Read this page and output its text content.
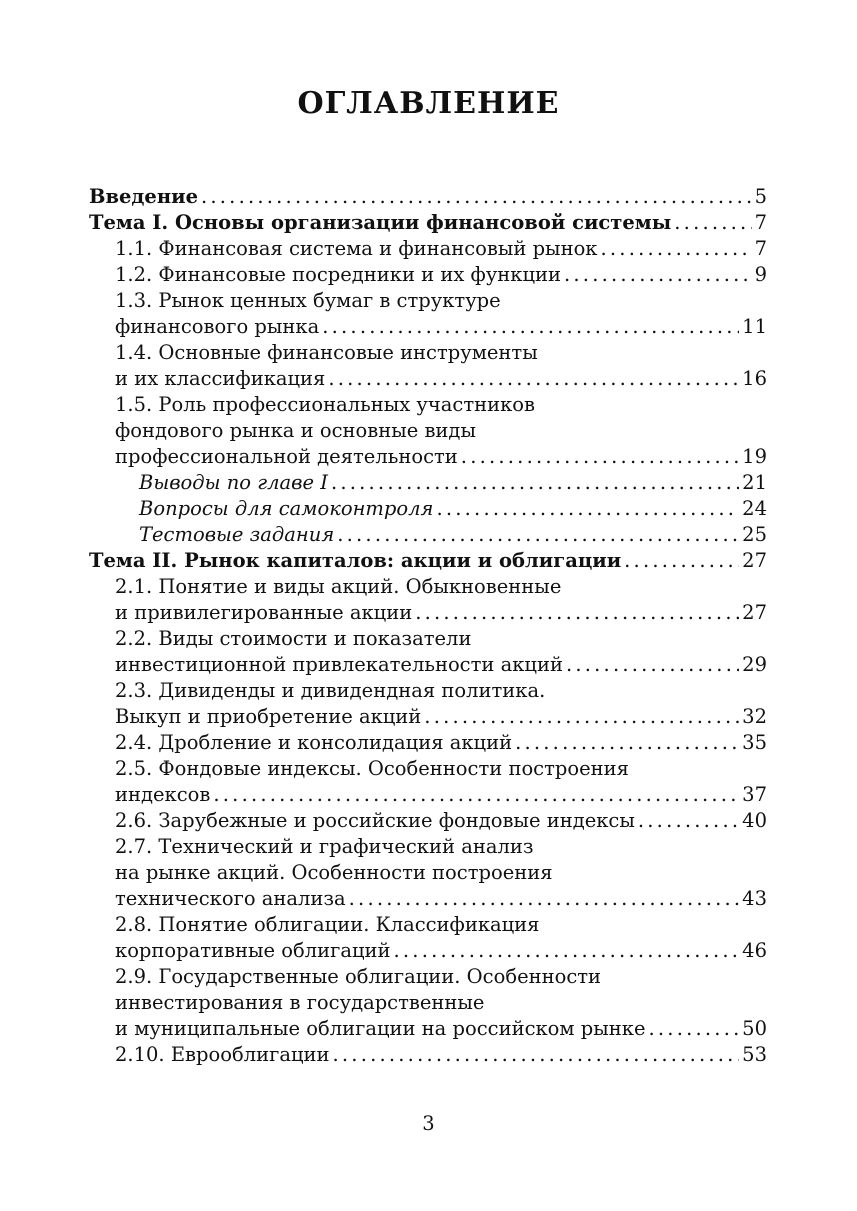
ОГЛАВЛЕНИЕ
Введение . . .	5
Тема I. Основы организации финансовой системы . . .	7
1.1. Финансовая система и финансовый рынок . . .	7
1.2. Финансовые посредники и их функции . . .	9
1.3. Рынок ценных бумаг в структуре
финансового рынка . . .	11
1.4. Основные финансовые инструменты
и их классификация . . .	16
1.5. Роль профессиональных участников
фондового рынка и основные виды
профессиональной деятельности . . .	19
Выводы по главе I . . .	21
Вопросы для самоконтроля . . .	24
Тестовые задания . . .	25
Тема II. Рынок капиталов: акции и облигации . . .	27
2.1. Понятие и виды акций. Обыкновенные
и привилегированные акции . . .	27
2.2. Виды стоимости и показатели
инвестиционной привлекательности акций . . .	29
2.3. Дивиденды и дивидендная политика.
Выкуп и приобретение акций . . .	32
2.4. Дробление и консолидация акций . . .	35
2.5. Фондовые индексы. Особенности построения
индексов . . .	37
2.6. Зарубежные и российские фондовые индексы . . .	40
2.7. Технический и графический анализ
на рынке акций. Особенности построения
технического анализа . . .	43
2.8. Понятие облигации. Классификация
корпоративные облигаций . . .	46
2.9. Государственные облигации. Особенности
инвестирования в государственные
и муниципальные облигации на российском рынке . . .	50
2.10. Еврооблигации . . .	53
3
